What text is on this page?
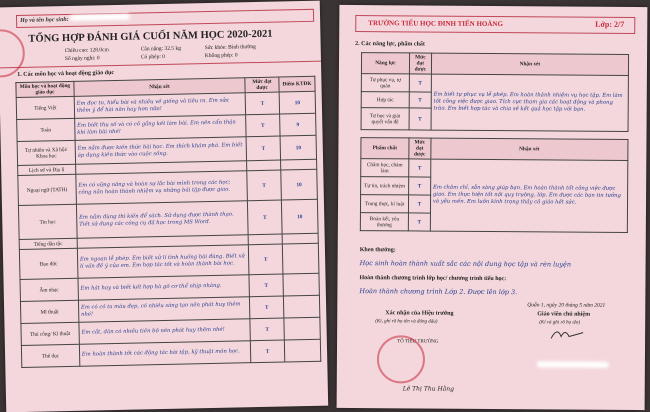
Họ và tên học sinh:
TỔNG HỢP ĐÁNH GIÁ CUỐI NĂM HỌC 2020-2021
Chiều cao: 128.0cm	Cân nặng: 32.5 kg	Sức khỏe: Bình thường
Số ngày nghỉ: 0	Có phép: 0	Không phép: 0
1. Các môn học và hoạt động giáo dục
Môn học và hoạt động giáo dục	Nhận xét	Mức đạt được	Điểm KTĐK
Tiếng Việt	Em đọc to, hiểu bài và nhiều về giống và tiêu ra. Em sửa thêm ý để hài năn hay hơn nữa!	T	10
Toán	Em biết thu số và có cố gắng kết làm bài. Em nên cẩn thận khi làm bài nhé!	T	9
Tự nhiên và Xã hội/ Khoa học	Em nắm được kiến thức bài học. Em thích khám phá. Em biết áp dụng kiến thức vào cuộc sống.	T	10
Lịch sử và Địa lí			
Ngoại ngữ (TATH)	Em có vững năng và hoàn sự lắc bài mình trong các học; công năn hoàn thành nhiệm vụ những bài tập được giao.	T	10
Tin học	Em nắm dùng thì kiến để sách. Sử dụng được thành thạo. Tiết sử dụng các công cụ đã học trong MS Word.	T	10
Tiếng dân tộc			
Đạo đức	Em ngoan lễ phép. Em biết xử lí tình huống bài đúng. Biết xử lí vấn đề ý của em. Em hợp tác tốt và hoàn thành bài học.	T	
Âm nhạc	Em hát hay và biết kết hợp hà gõ cơ thể nhịp nhàng.	T	
Mĩ thuật	Em có có ta màu đẹp, có nhiều sáng tạo nên phát huy thêm nhé!	T	
Thủ công/ Kĩ thuật	Em cắt, dán có nhiều tiến bộ nên phát huy thêm nhé!	T	
Thể dục	Em hoàn thành tốt các động tác bài tập, kỹ thuật môn học.	T	
TRƯỜNG TIỂU HỌC ĐINH TIẾN HOÀNG	Lớp: 2/7
2. Các năng lực, phẩm chất
Năng lực	Mức đạt được	Nhận xét
Tự phục vụ, tự quản	T	Em biết tự phục vụ lễ phép. Em hoàn thành nhiệm vụ học tập. Em làm tốt công việc được giao. Tích cực tham gia các hoạt động và phong trào. Em biết hợp tác và chia sẻ kết quả học tập với bạn.
Hợp tác	T	
Tự học và giải quyết vấn đề	T	
Phẩm chất	Mức đạt được	Nhận xét
Chăm học, chăm làm	T	Em chăm chỉ, sẵn sàng giúp bạn. Em hoàn thành tốt công việc được giao. Em thực hiện tốt nội quy trường, lớp. Em được các bạn tin tưởng và yêu mến. Em luôn kính trọng thầy cô giáo hết sức.
Tự tin, trách nhiệm	T	
Trung thực, kỉ luật	T	
Đoàn kết, yêu thương	T	
Khen thưởng:
Học sinh hoàn thành xuất sắc các nội dung học tập và rèn luyện
Hoàn thành chương trình lớp học/ chương trình tiểu học:
Hoàn thành chương trình Lớp 2. Được lên lớp 3.
Quận 1, ngày 20 tháng 5 năm 2021
Xác nhận của Hiệu trưởng
(Kí, ghi rõ họ tên và đóng dấu)
Giáo viên chủ nhiệm
(Kí và ghi rõ họ tên)
TỔ TIỂU TRƯỜNG
Lê Thị Thu Hằng
